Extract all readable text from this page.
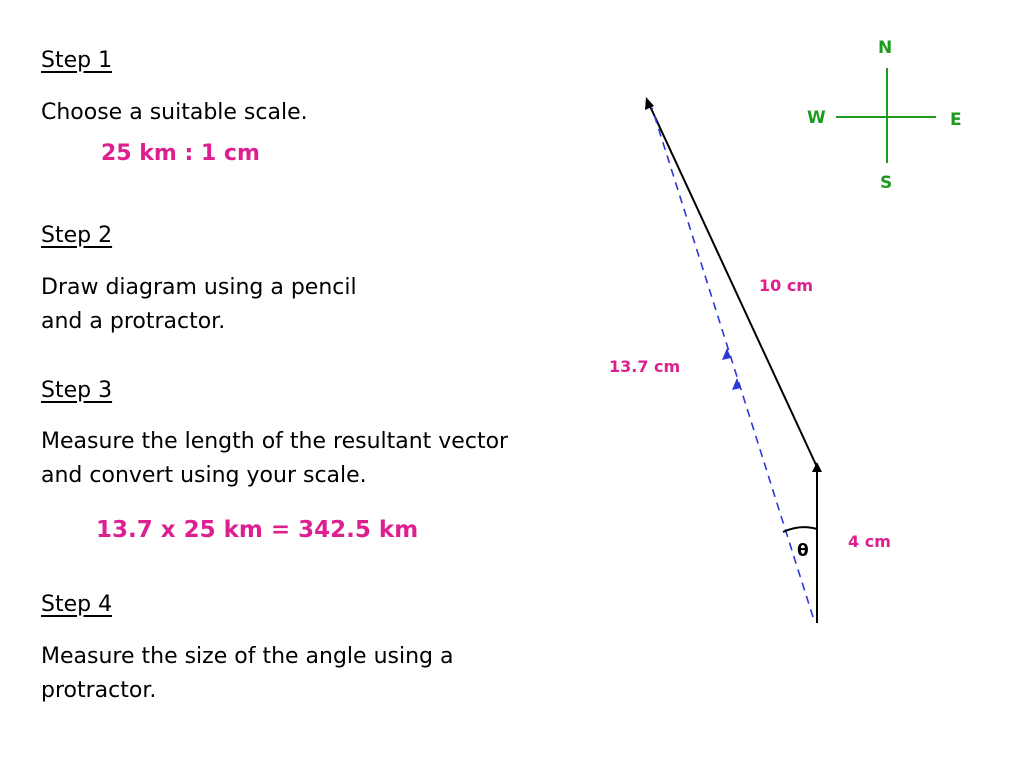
Step 1
Choose a suitable scale.
25 km : 1 cm
Step 2
Draw diagram using a pencil
and a protractor.
Step 3
Measure the length of the resultant vector
and convert using your scale.
13.7 x 25 km = 342.5 km
Step 4
Measure the size of the angle using a
protractor.
N
W	E
S
10 cm
13.7 cm
4 cm
θ
